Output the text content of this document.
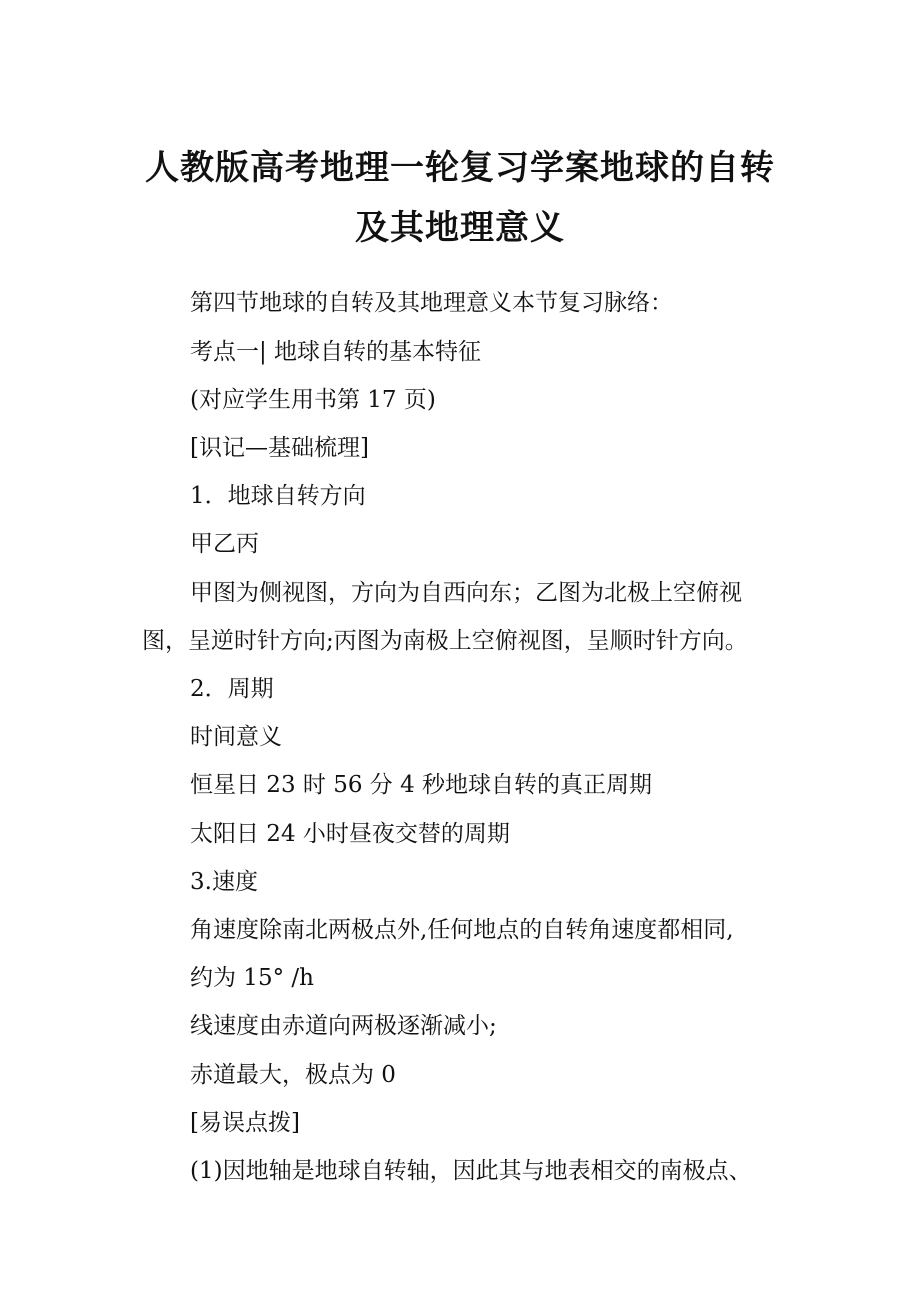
人教版高考地理一轮复习学案地球的自转
及其地理意义

第四节地球的自转及其地理意义本节复习脉络：

考点一| 地球自转的基本特征

(对应学生用书第 17 页)

[识记—基础梳理]

1．地球自转方向

甲乙丙

甲图为侧视图，方向为自西向东；乙图为北极上空俯视

图，呈逆时针方向;丙图为南极上空俯视图，呈顺时针方向。

2．周期

时间意义

恒星日 23 时 56 分 4 秒地球自转的真正周期

太阳日 24 小时昼夜交替的周期

3.速度

角速度除南北两极点外,任何地点的自转角速度都相同,

约为 15° /h

线速度由赤道向两极逐渐减小;

赤道最大，极点为 0

[易误点拨]

(1)因地轴是地球自转轴，因此其与地表相交的南极点、
